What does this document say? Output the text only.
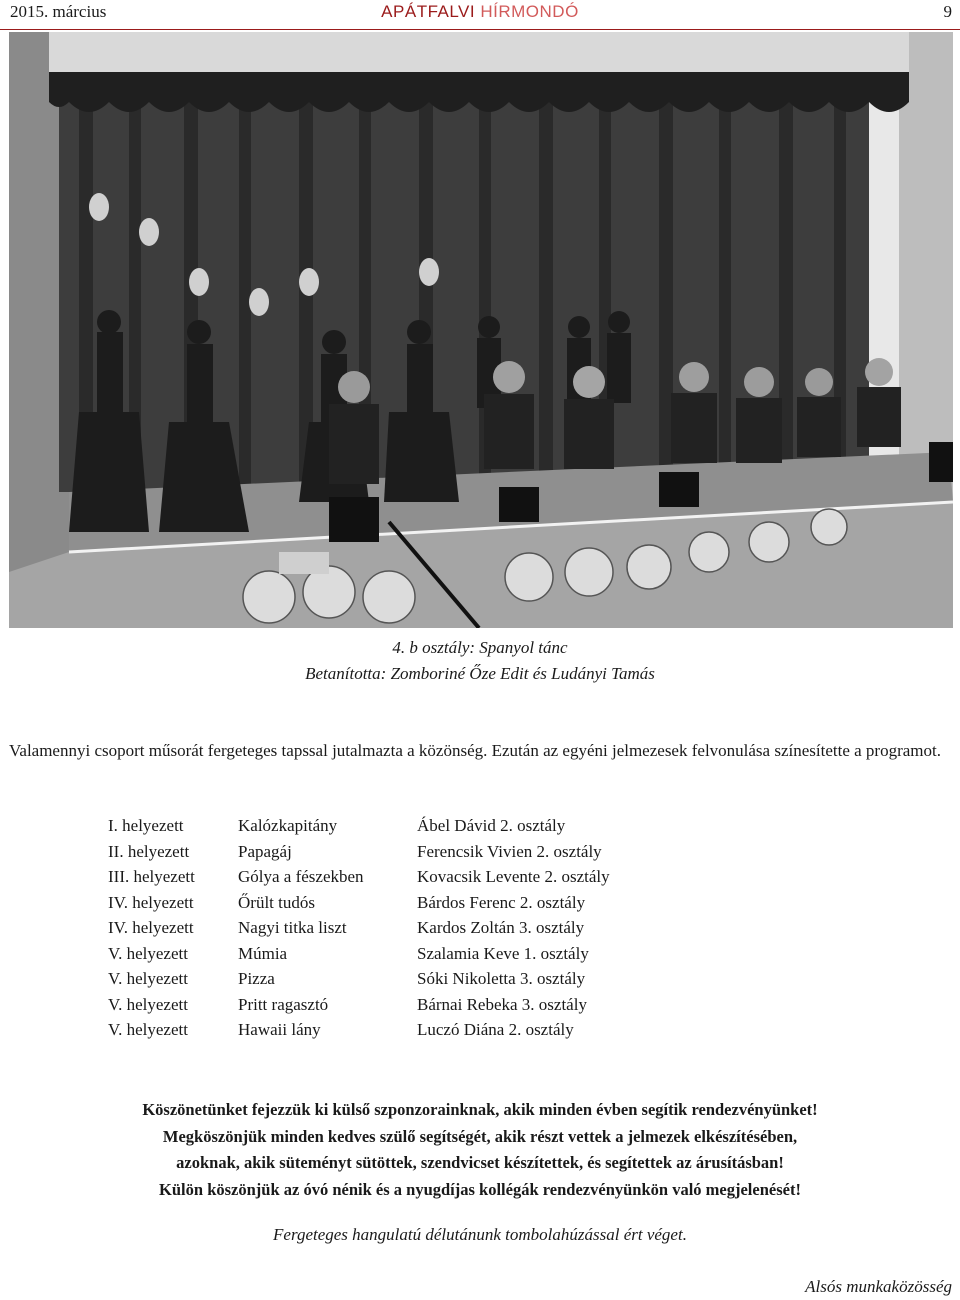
2015. március	APÁTFALVI HÍRMONDÓ	9
4. b osztály: Spanyol tánc
Betanította: Zomboriné Őze Edit és Ludányi Tamás
Valamennyi csoport műsorát fergeteges tapssal jutalmazta a közönség. Ezután az egyéni jelmezesek felvonulása színesítette a programot.
I. helyezett	Kalózkapitány	Ábel Dávid 2. osztály
II. helyezett	Papagáj	Ferencsik Vivien 2. osztály
III. helyezett	Gólya a fészekben	Kovacsik Levente 2. osztály
IV. helyezett	Őrült tudós	Bárdos Ferenc 2. osztály
IV. helyezett	Nagyi titka liszt	Kardos Zoltán 3. osztály
V. helyezett	Múmia	Szalamia Keve 1. osztály
V. helyezett	Pizza	Sóki Nikoletta 3. osztály
V. helyezett	Pritt ragasztó	Bárnai Rebeka 3. osztály
V. helyezett	Hawaii lány	Luczó Diána 2. osztály
Köszönetünket fejezzük ki külső szponzorainknak, akik minden évben segítik rendezvényünket!
Megköszönjük minden kedves szülő segítségét, akik részt vettek a jelmezek elkészítésében,
azoknak, akik süteményt sütöttek, szendvicset készítettek, és segítettek az árusításban!
Külön köszönjük az óvó nénik és a nyugdíjas kollégák rendezvényünkön való megjelenését!
Fergeteges hangulatú délutánunk tombolahúzással ért véget.
Alsós munkaközösség
